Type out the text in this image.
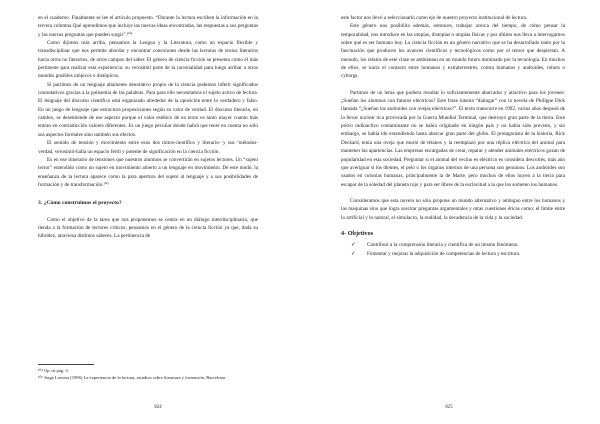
en el cuaderno. Finalmente se lee el artículo propuesto. “Durante la lectura escriben la información en la tercera columna Qué aprendimos-que incluye las nuevas ideas encontradas, las respuestas a sus preguntas y las nuevas preguntas que pueden surgir”.¹⁰⁴

Como dijimos más arriba, pensamos la Lengua y la Literatura, como un espacio flexible y transdisciplinar que nos permite abordar y encontrar conexiones desde las lecturas de textos literarios hacia otros no literarios, de otros campos del saber. El género de ciencia ficción se presenta como el más pertinente para realizar esta experiencia: su verosímil parte de la racionalidad para luego arribar a otros mundos posibles utópicos o distópicos.

Si partimos de un lenguaje altamente denotativo propio de la ciencia podemos inferir significados connotativos gracias a la polisemia de las palabras. Para para ello necesitamos el sujeto activo de lectura. El lenguaje del discurso científico está organizado alrededor de la oposición entre lo verdadero y falso. En un juego de lenguaje que estructura proposiciones según su valor de verdad. El discurso literario, en cambio, se desentiende de ese aspecto porque el valor estético de un texto es tanto mayor cuanto más entran en contradicción valores diferentes. Es un juego peculiar donde habrá que tener en cuenta no sólo sus aspectos formales sino también sus efectos.

El sentido de tensión y movimiento entre esos dos mitos-científico y literario- y sus ‘métodos-verdad, verosímil-halla un espacio fértil y potente de significación en la ciencia ficción.

Es en ese itinerario de tensiones que nuestros alumnos se convertirán en sujetos lectores. Un “sujeto lector” entendido como un sujeto en movimiento abierto a un lenguaje en movimiento. De este modo, la enseñanza de la lectura aparece como la para apertura del sujeto al lenguaje y a sus posibilidades de formación y de transformación.¹⁰⁵

3. ¿Cómo construimos el proyecto?

Como el objetivo de la tarea que nos proponemos se centra en un diálogo interdisciplinario, que tienda a la formación de lectores críticos, pensamos en el género de la ciencia ficción ya que, dada su hibridez, atraviesa distintos saberes. La pertinencia de

¹⁰⁴ Op cit pág. 3.

¹⁰⁵ Jorge Larrosa (1996) La experiencia de la lectura, estudios sobre literatura y formación, Barcelona.

824

este factor nos llevó a seleccionarlo como eje de nuestro proyecto institucional de lectura.

Este género nos posibilita además, entonces, trabajar acerca del tiempo, de cómo pensar la temporalidad, nos introduce en las utopías, distopías o utopías físicas y por último nos lleva a interrogarnos sobre qué es ser humano hoy. La ciencia ficción es un género narrativo que se ha desarrollado tanto por la fascinación que producen los avances científicos y tecnológicos como por el temor que despiertan. A menudo, los relatos de este clase se ambientan en un mundo futuro dominado por la tecnología. En muchos de ellos, se narra el contacto entre humanos y extraterrestres, contra humanos y androides, robots o cyborgs.

Partimos de un lema que pudiera resultar lo suficientemente abarcador y atractivo para los jóvenes: ¿Sueñan los alumnos con futuros eléctricos? Este frase intenta “dialogar” con la novela de Philippe Dick llamada “¿Sueñan los androides con ovejas eléctricas?”. El texto transcurre en 1992, varios años después de la llevar nuclear tica provocada por la Guerra Mundial Terminal, que destruyó gran parte de la tierra. Este polvo radioactivo contaminante no se había originado en ningún país y no había sido previsto, y sin embargo, se había ido extendiendo hasta abarcar gran parte del globo. El protagonista de la historia, Rick Deckard, tenía una oveja que murió de tétanos y la reemplazó por una réplica eléctrica del animal para mantener las apariencias. Las empresas encargadas de crear, reparar y atender animales eléctricos gozan de popularidad en esta sociedad. Preguntar si el animal del vecino es eléctrico es considera descortés, más aún que averiguar si los dientes, el pelo o los órganos internos de una persona son genuinos. Los androides son usados en colonias humanas, principalmente la de Marte, pero muchos de ellos huyen a la tierra para escapar de la soledad del planeta rojo y para ser libres de la esclavitud a la que los someten los humanos.

Consideramos que esta novela no sólo propone un mundo alternativo y ambiguo entre los humanos y las máquinas sino que logra suscitar preguntas argumentales y otras cuestiones éticas como: el límite entre lo artificial y lo natural, el simulacro, la realidad, la decadencia de la vida y la sociedad.

4- Objetivos
✓ Contribuir a la comprensión literaria y científica de un mismo fenómeno.
✓ Fomentar y mejorar la adquisición de competencias de lectura y escritura.
825
